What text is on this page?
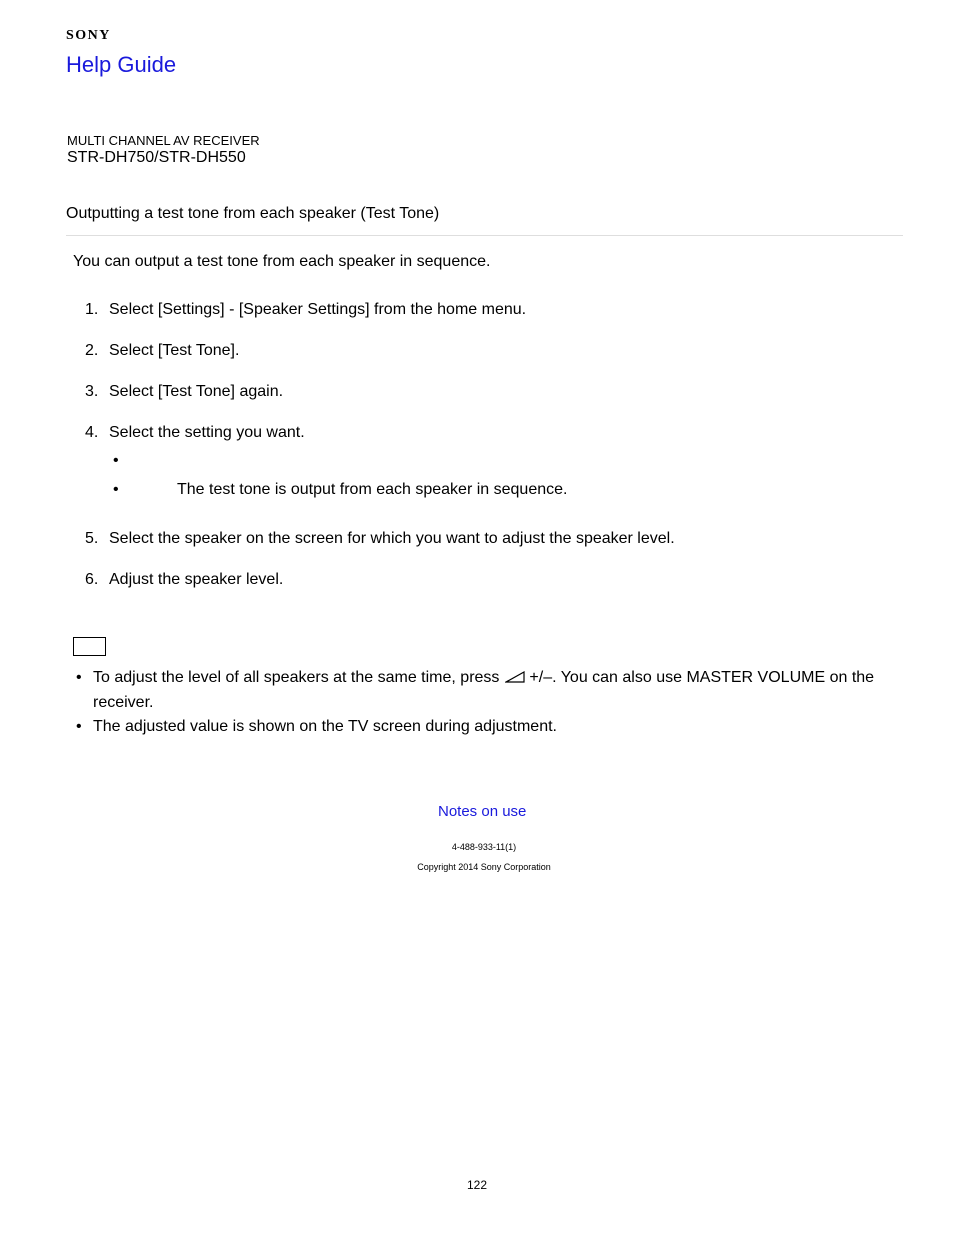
SONY
Help Guide
MULTI CHANNEL AV RECEIVER
STR-DH750/STR-DH550
Outputting a test tone from each speaker (Test Tone)
You can output a test tone from each speaker in sequence.
1. Select [Settings] - [Speaker Settings] from the home menu.
2. Select [Test Tone].
3. Select [Test Tone] again.
4. Select the setting you want.
•
•	The test tone is output from each speaker in sequence.
5. Select the speaker on the screen for which you want to adjust the speaker level.
6. Adjust the speaker level.
• To adjust the level of all speakers at the same time, press +/–. You can also use MASTER VOLUME on the receiver.
• The adjusted value is shown on the TV screen during adjustment.
Notes on use
4-488-933-11(1)
Copyright 2014 Sony Corporation
122
